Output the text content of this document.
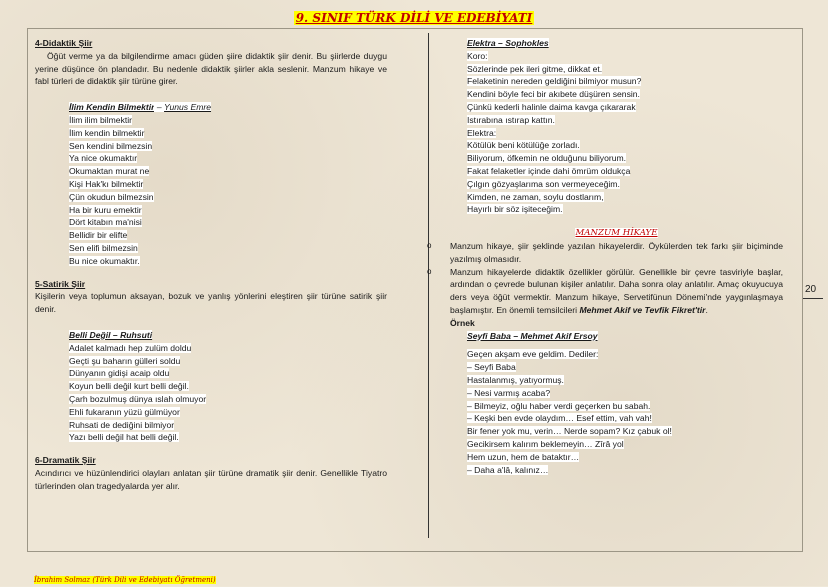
9. SINIF TÜRK DİLİ VE EDEBİYATI
20
İbrahim Solmaz (Türk Dili ve Edebiyatı Öğretmeni)
4-Didaktik Şiir
Öğüt verme ya da bilgilendirme amacı güden şiire didaktik şiir denir. Bu şiirlerde duygu yerine düşünce ön plandadır. Bu nedenle didaktik şiirler akla seslenir. Manzum hikaye ve fabl türleri de didaktik şiir türüne girer.
İlim Kendin Bilmektir – Yunus Emre
İlim ilim bilmektir
İlim kendin bilmektir
Sen kendini bilmezsin
Ya nice okumaktır
Okumaktan murat ne
Kişi Hak'kı bilmektir
Çün okudun bilmezsin
Ha bir kuru emektir
Dört kitabın ma'nisi
Bellidir bir elifte
Sen elifi bilmezsin
Bu nice okumaktır.
5-Satirik Şiir
Kişilerin veya toplumun aksayan, bozuk ve yanlış yönlerini eleştiren şiir türüne satirik şiir denir.
Belli Değil – Ruhsuti
Adalet kalmadı hep zulüm doldu
Geçti şu baharın gülleri soldu
Dünyanın gidişi acaip oldu
Koyun belli değil kurt belli değil.
Çarh bozulmuş dünya ıslah olmuyor
Ehli fukaranın yüzü gülmüyor
Ruhsati de dediğini bilmiyor
Yazı belli değil hat belli değil.
6-Dramatik Şiir
Acındırıcı ve hüzünlendirici olayları anlatan şiir türüne dramatik şiir denir. Genellikle Tiyatro türlerinden olan tragedyalarda yer alır.
Elektra – Sophokles
Koro:
Sözlerinde pek ileri gitme, dikkat et.
Felaketinin nereden geldiğini bilmiyor musun?
Kendini böyle feci bir akıbete düşüren sensin.
Çünkü kederli halinle daima kavga çıkararak
Istırabına ıstırap kattın.
Elektra:
Kötülük beni kötülüğe zorladı.
Biliyorum, öfkemin ne olduğunu biliyorum.
Fakat felaketler içinde dahi ömrüm oldukça
Çılgın gözyaşlarıma son vermeyeceğim.
Kimden, ne zaman, soylu dostlarım,
Hayırlı bir söz işiteceğim.
MANZUM HİKAYE
o Manzum hikaye, şiir şeklinde yazılan hikayelerdir. Öykülerden tek farkı şiir biçiminde yazılmış olmasıdır.
o Manzum hikayelerde didaktik özellikler görülür. Genellikle bir çevre tasviriyle başlar, ardından o çevrede bulunan kişiler anlatılır. Daha sonra olay anlatılır. Amaç okuyucuya ders veya öğüt vermektir. Manzum hikaye, Servetifünun Dönemi'nde yaygınlaşmaya başlamıştır. En önemli temsilcileri Mehmet Akif ve Tevfik Fikret'tir.
Örnek
Seyfi Baba – Mehmet Akif Ersoy
Geçen akşam eve geldim. Dediler:
– Seyfi Baba
Hastalanmış, yatıyormuş.
– Nesi varmış acaba?
– Bilmeyiz, oğlu haber verdi geçerken bu sabah.
– Keşki ben evde olaydım… Esef ettim, vah vah!
Bir fener yok mu, verin… Nerde sopam? Kız çabuk ol!
Gecikirsem kalırım beklemeyin… Zîrâ yol
Hem uzun, hem de bataktır…
– Daha a'lâ, kalınız…
